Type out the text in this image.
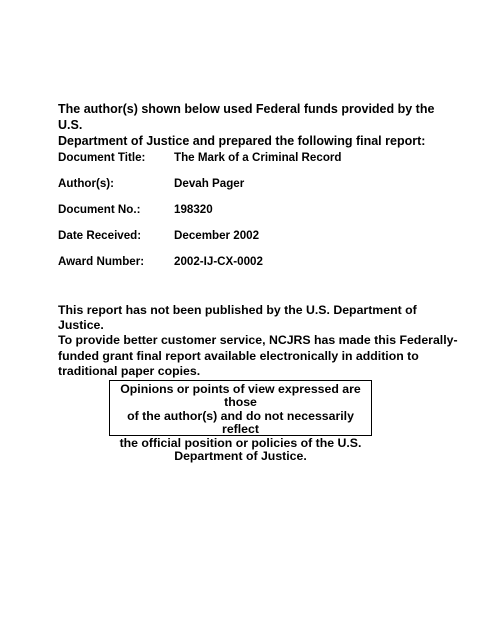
The author(s) shown below used Federal funds provided by the U.S.
Department of Justice and prepared the following final report:
Document Title: The Mark of a Criminal Record
Author(s):	Devah Pager
Document No.:	198320
Date Received:	December 2002
Award Number:	2002-IJ-CX-0002
This report has not been published by the U.S. Department of Justice.
To provide better customer service, NCJRS has made this Federally-
funded grant final report available electronically in addition to
traditional paper copies.
Opinions or points of view expressed are those
of the author(s) and do not necessarily reflect
the official position or policies of the U.S.
Department of Justice.
